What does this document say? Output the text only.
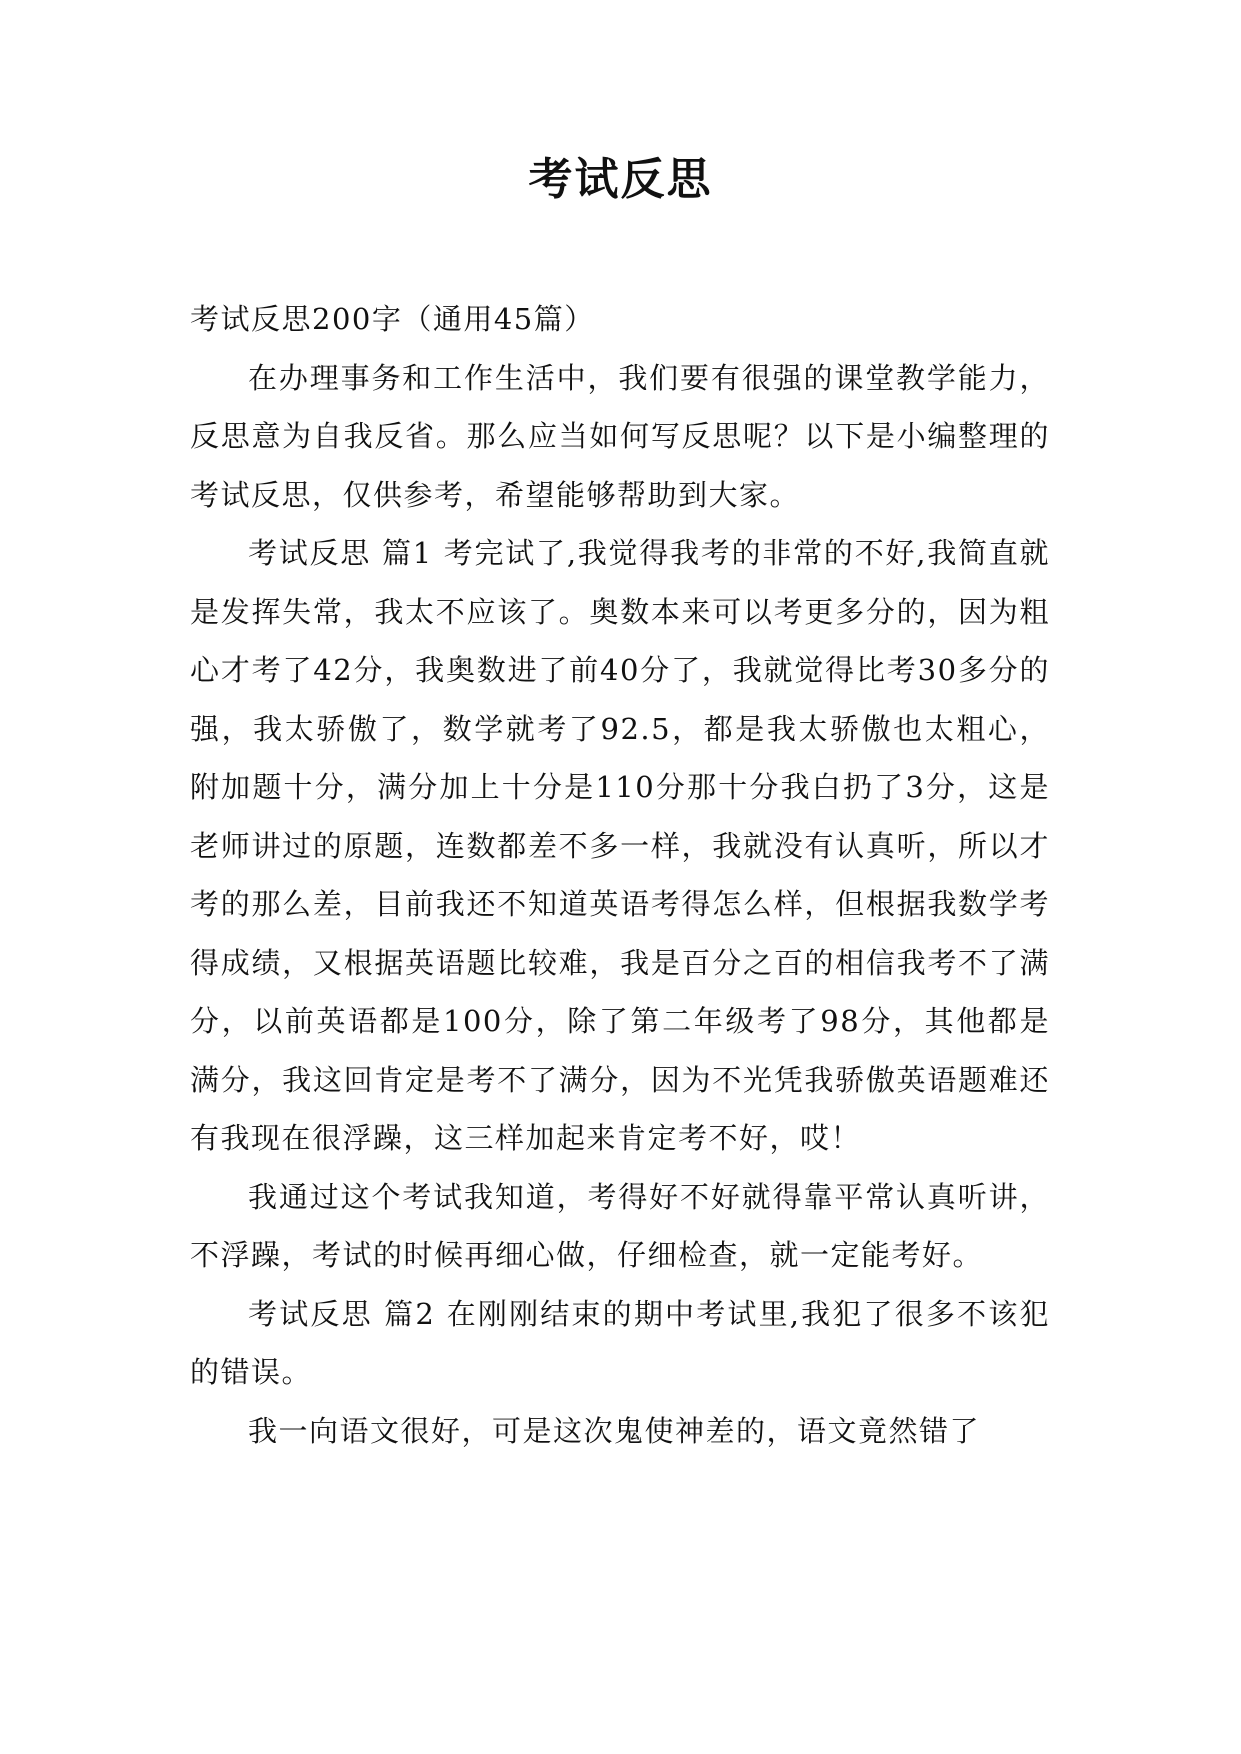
考试反思

考试反思200字（通用45篇）

在办理事务和工作生活中，我们要有很强的课堂教学能力，反思意为自我反省。那么应当如何写反思呢？以下是小编整理的考试反思，仅供参考，希望能够帮助到大家。

考试反思 篇1 考完试了,我觉得我考的非常的不好,我简直就是发挥失常，我太不应该了。奥数本来可以考更多分的，因为粗心才考了42分，我奥数进了前40分了，我就觉得比考30多分的强，我太骄傲了，数学就考了92.5，都是我太骄傲也太粗心，附加题十分，满分加上十分是110分那十分我白扔了3分，这是老师讲过的原题，连数都差不多一样，我就没有认真听，所以才考的那么差，目前我还不知道英语考得怎么样，但根据我数学考得成绩，又根据英语题比较难，我是百分之百的相信我考不了满分，以前英语都是100分，除了第二年级考了98分，其他都是满分，我这回肯定是考不了满分，因为不光凭我骄傲英语题难还有我现在很浮躁，这三样加起来肯定考不好，哎！

我通过这个考试我知道，考得好不好就得靠平常认真听讲，不浮躁，考试的时候再细心做，仔细检查，就一定能考好。

考试反思 篇2 在刚刚结束的期中考试里,我犯了很多不该犯的错误。

我一向语文很好，可是这次鬼使神差的，语文竟然错了
